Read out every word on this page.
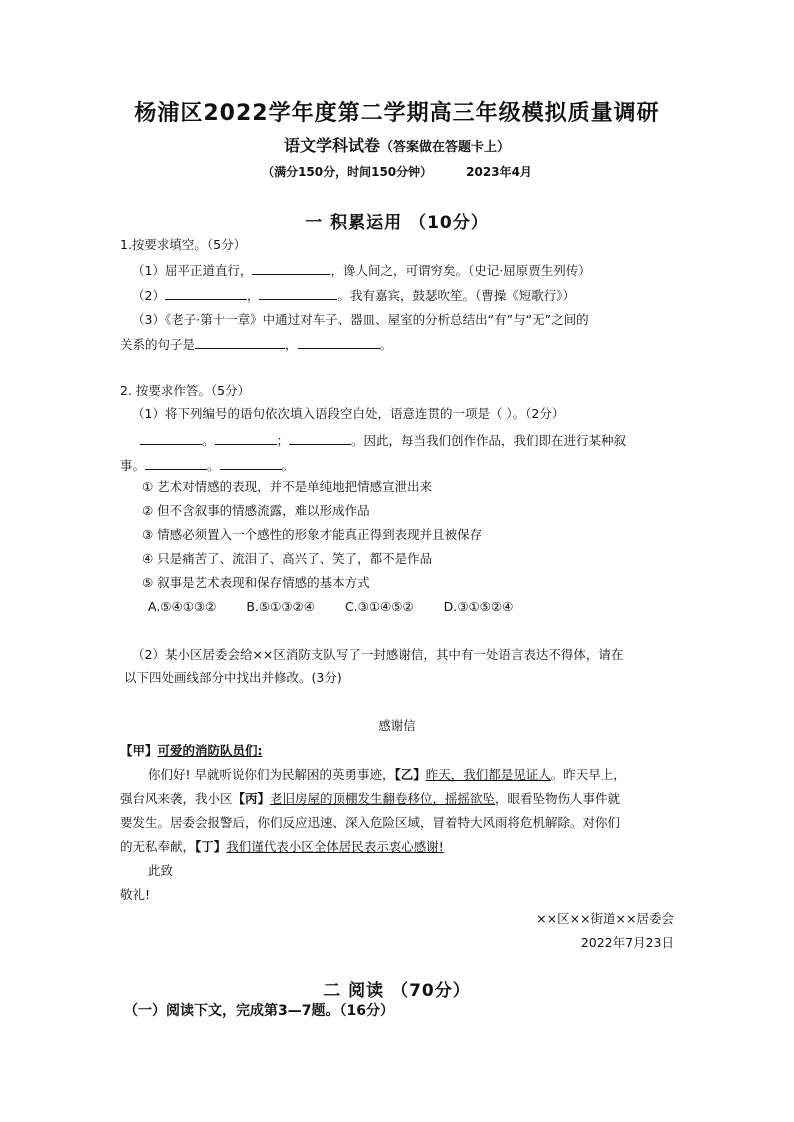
杨浦区2022学年度第二学期高三年级模拟质量调研
语文学科试卷（答案做在答题卡上）
（满分150分，时间150分钟）	2023年4月
一 积累运用 （10分）
1.按要求填空。（5分）
（1）屈平正道直行，	，谗人间之，可谓穷矣。（史记·屈原贾生列传）
（2）	，	。我有嘉宾，鼓瑟吹笙。（曹操《短歌行》）
（3）《老子·第十一章》中通过对车子、器皿、屋室的分析总结出“有”与“无”之间的
关系的句子是	，	。
2. 按要求作答。（5分）
（1）将下列编号的语句依次填入语段空白处，语意连贯的一项是（ ）。（2分）
。	；	。因此，每当我们创作作品，我们即在进行某种叙
事。	。	。
① 艺术对情感的表现，并不是单纯地把情感宣泄出来
② 但不含叙事的情感流露，难以形成作品
③ 情感必须置入一个感性的形象才能真正得到表现并且被保存
④ 只是痛苦了、流泪了、高兴了、笑了，都不是作品
⑤ 叙事是艺术表现和保存情感的基本方式
A.⑤④①③② B.⑤①③②④ C.③①④⑤② D.③①⑤②④
（2）某小区居委会给××区消防支队写了一封感谢信，其中有一处语言表达不得体，请在
以下四处画线部分中找出并修改。(3分)
感谢信
【甲】可爱的消防队员们:
你们好! 早就听说你们为民解困的英勇事迹，【乙】昨天，我们都是见证人。昨天早上，
强台风来袭，我小区【丙】老旧房屋的顶棚发生翻卷移位，摇摇欲坠，眼看坠物伤人事件就
要发生。居委会报警后，你们反应迅速、深入危险区域，冒着特大风雨将危机解除。对你们
的无私奉献，【丁】我们谨代表小区全体居民表示衷心感谢!
此致
敬礼!
××区××街道××居委会
2022年7月23日
二 阅读 （70分）
（一）阅读下文，完成第3—7题。（16分）
